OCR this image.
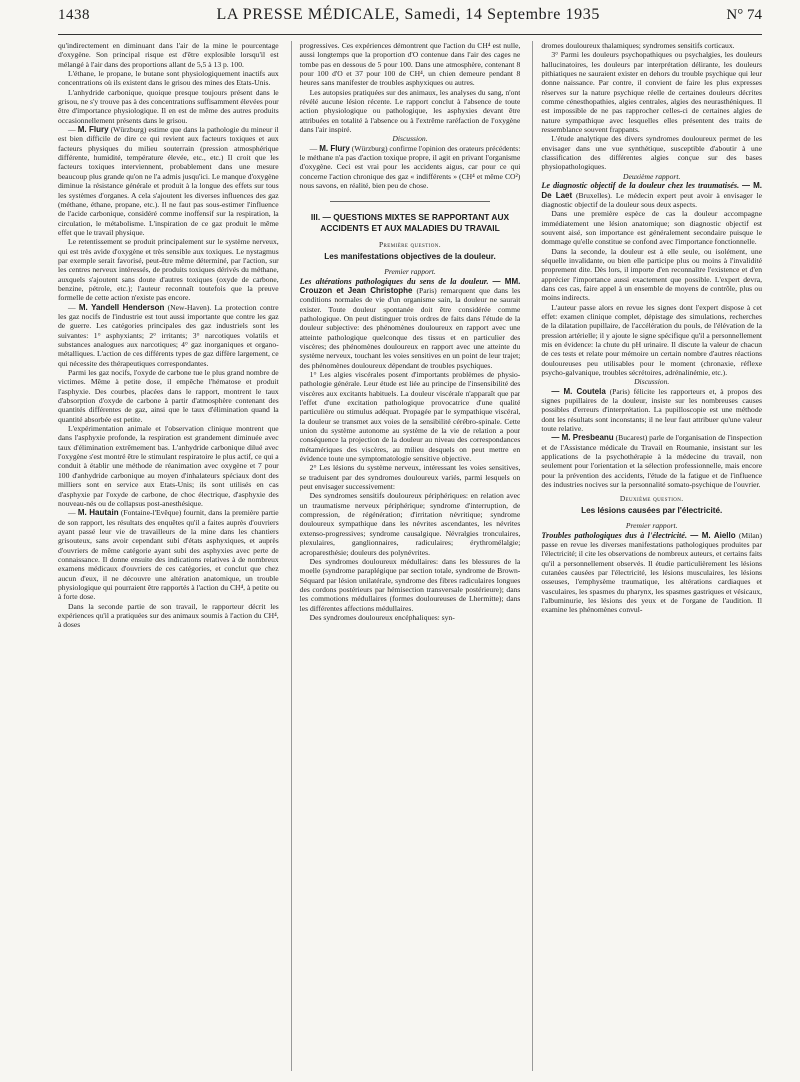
1438	LA PRESSE MÉDICALE, Samedi, 14 Septembre 1935	N° 74

qu'indirectement en diminuant dans l'air de la mine le pourcentage d'oxygène. Son principal risque est d'être explosible lorsqu'il est mélangé à l'air dans des proportions allant de 5,5 à 13 p. 100.

L'éthane, le propane, le butane sont physiologiquement inactifs aux concentrations où ils existent dans le grisou des mines des Etats-Unis.

L'anhydride carbonique, quoique presque toujours présent dans le grisou, ne s'y trouve pas à des concentrations suffisamment élevées pour être d'importance physiologique. Il en est de même des autres produits occasionnellement présents dans le grisou.

— M. Flury (Würzburg) estime que dans la pathologie du mineur il est bien difficile de dire ce qui revient aux facteurs toxiques et aux facteurs physiques du milieu souterrain (pression atmosphérique différente, humidité, température élevée, etc., etc.) Il croit que les facteurs toxiques interviennent, probablement dans une mesure beaucoup plus grande qu'on ne l'a admis jusqu'ici. Le manque d'oxygène diminue la résistance générale et produit à la longue des effets sur tous les systèmes d'organes. A cela s'ajoutent les diverses influences des gaz (méthane, éthane, propane, etc.). Il ne faut pas sous-estimer l'influence de l'acide carbonique, considéré comme inoffensif sur la respiration, la circulation, le métabolisme. L'inspiration de ce gaz produit le même effet que le travail physique.

Le retentissement se produit principalement sur le système nerveux, qui est très avide d'oxygène et très sensible aux toxiques. Le nystagmus par exemple serait favorisé, peut-être même déterminé, par l'action, sur les centres nerveux intéressés, de produits toxiques dérivés du méthane, auxquels s'ajoutent sans doute d'autres toxiques (oxyde de carbone, benzine, pétrole, etc.); l'auteur reconnaît toutefois que la preuve formelle de cette action n'existe pas encore.

— M. Yandell Henderson (New-Haven). La protection contre les gaz nocifs de l'industrie est tout aussi importante que contre les gaz de guerre. Les catégories principales des gaz industriels sont les suivantes: 1° asphyxiants; 2° irritants; 3° narcotiques volatils et substances analogues aux narcotiques; 4° gaz inorganiques et organo-métalliques. L'action de ces différents types de gaz diffère largement, ce qui nécessite des thérapeutiques correspondantes.

Parmi les gaz nocifs, l'oxyde de carbone tue le plus grand nombre de victimes. Même à petite dose, il empêche l'hématose et produit l'asphyxie. Des courbes, placées dans le rapport, montrent le taux d'absorption d'oxyde de carbone à partir d'atmosphère contenant des quantités différentes de gaz, ainsi que le taux d'élimination quand la quantité absorbée est petite.

L'expérimentation animale et l'observation clinique montrent que dans l'asphyxie profonde, la respiration est grandement diminuée avec taux d'élimination extrêmement bas. L'anhydride carbonique dilué avec l'oxygène s'est montré être le stimulant respiratoire le plus actif, ce qui a conduit à établir une méthode de réanimation avec oxygène et 7 pour 100 d'anhydride carbonique au moyen d'inhalateurs spéciaux dont des milliers sont en service aux Etats-Unis; ils sont utilisés en cas d'asphyxie par l'oxyde de carbone, de choc électrique, d'asphyxie des nouveau-nés ou de collapsus post-anesthésique.

— M. Hautain (Fontaine-l'Evêque) fournit, dans la première partie de son rapport, les résultats des enquêtes qu'il a faites auprès d'ouvriers ayant passé leur vie de travailleurs de la mine dans les chantiers grisouteux, sans avoir cependant subi d'états asphyxiques, et auprès d'ouvriers de même catégorie ayant subi des asphyxies avec perte de connaissance. Il donne ensuite des indications relatives à de nombreux examens médicaux d'ouvriers de ces catégories, et conclut que chez aucun d'eux, il ne découvre une altération anatomique, un trouble physiologique qui pourraient être rapportés à l'action du CH⁴, à petite ou à forte dose.

Dans la seconde partie de son travail, le rapporteur décrit les expériences qu'il a pratiquées sur des animaux soumis à l'action du CH⁴, à doses

progressives. Ces expériences démontrent que l'action du CH⁴ est nulle, aussi longtemps que la proportion d'O contenue dans l'air des cages ne tombe pas en dessous de 5 pour 100. Dans une atmosphère, contenant 8 pour 100 d'O et 37 pour 100 de CH⁴, un chien demeure pendant 8 heures sans manifester de troubles asphyxiques ou autres.

Les autopsies pratiquées sur des animaux, les analyses du sang, n'ont révélé aucune lésion récente. Le rapport conclut à l'absence de toute action physiologique ou pathologique, les asphyxies devant être attribuées en totalité à l'absence ou à l'extrême raréfaction de l'oxygène dans l'air inspiré.

Discussion.

— M. Flury (Würzburg) confirme l'opinion des orateurs précédents: le méthane n'a pas d'action toxique propre, il agit en privant l'organisme d'oxygène. Ceci est vrai pour les accidents aigus, car pour ce qui concerne l'action chronique des gaz « indifférents » (CH⁴ et même CO²) nous savons, en réalité, bien peu de chose.

III. — QUESTIONS MIXTES SE RAPPORTANT AUX ACCIDENTS ET AUX MALADIES DU TRAVAIL

Première question.

Les manifestations objectives de la douleur.

Premier rapport.

Les altérations pathologiques du sens de la douleur. — MM. Crouzon et Jean Christophe (Paris) remarquent que dans les conditions normales de vie d'un organisme sain, la douleur ne saurait exister. Toute douleur spontanée doit être considérée comme pathologique. On peut distinguer trois ordres de faits dans l'étude de la douleur subjective: des phénomènes douloureux en rapport avec une atteinte pathologique quelconque des tissus et en particulier des viscères; des phénomènes douloureux en rapport avec une atteinte du système nerveux, touchant les voies sensitives en un point de leur trajet; des phénomènes douloureux dépendant de troubles psychiques.

1° Les algies viscérales posent d'importants problèmes de physio-pathologie générale. Leur étude est liée au principe de l'insensibilité des viscères aux excitants habituels. La douleur viscérale n'apparaît que par l'effet d'une excitation pathologique provocatrice d'une qualité particulière ou stimulus adéquat. Propagée par le sympathique viscéral, la douleur se transmet aux voies de la sensibilité cérébro-spinale. Cette union du système autonome au système de la vie de relation a pour conséquence la projection de la douleur au niveau des correspondances métamériques des viscères, au milieu desquels on peut mettre en évidence toute une symptomatologie sensitive objective.

2° Les lésions du système nerveux, intéressant les voies sensitives, se traduisent par des syndromes douloureux variés, parmi lesquels on peut envisager successivement:

Des syndromes sensitifs douloureux périphériques: en relation avec un traumatisme nerveux périphérique; syndrome d'interruption, de compression, de régénération; d'irritation névritique; syndrome douloureux sympathique dans les névrites ascendantes, les névrites extenso-progressives; syndrome causalgique. Névralgies tronculaires, plexulaires, ganglionnaires, radiculaires; érythromélalgie; acroparesthésie; douleurs des polynévrites.

Des syndromes douloureux médullaires: dans les blessures de la moelle (syndrome paraplégique par section totale, syndrome de Brown-Séquard par lésion unilatérale, syndrome des fibres radiculaires longues des cordons postérieurs par hémisection transversale postérieure); dans les commotions médullaires (formes douloureuses de Lhermitte); dans les différentes affections médullaires.

Des syndromes douloureux encéphaliques: syn-

dromes douloureux thalamiques; syndromes sensitifs corticaux.

3° Parmi les douleurs psychopathiques ou psychalgies, les douleurs hallucinatoires, les douleurs par interprétation délirante, les douleurs pithiatiques ne sauraient exister en dehors du trouble psychique qui leur donne naissance. Par contre, il convient de faire les plus expresses réserves sur la nature psychique réelle de certaines douleurs décrites comme cénesthopathies, algies centrales, algies des neurasthéniques. Il est impossible de ne pas rapprocher celles-ci de certaines algies de nature sympathique avec lesquelles elles présentent des traits de ressemblance souvent frappants.

L'étude analytique des divers syndromes douloureux permet de les envisager dans une vue synthétique, susceptible d'aboutir à une classification des différentes algies conçue sur des bases physiopathologiques.

Deuxième rapport.

Le diagnostic objectif de la douleur chez les traumatisés. — M. De Laet (Bruxelles). Le médecin expert peut avoir à envisager le diagnostic objectif de la douleur sous deux aspects.

Dans une première espèce de cas la douleur accompagne immédiatement une lésion anatomique; son diagnostic objectif est souvent aisé, son importance est généralement secondaire puisque le dommage qu'elle constitue se confond avec l'importance fonctionnelle.

Dans la seconde, la douleur est à elle seule, ou isolément, une séquelle invalidante, ou bien elle participe plus ou moins à l'invalidité proprement dite. Dès lors, il importe d'en reconnaître l'existence et d'en apprécier l'importance aussi exactement que possible. L'expert devra, dans ces cas, faire appel à un ensemble de moyens de contrôle, plus ou moins indirects.

L'auteur passe alors en revue les signes dont l'expert dispose à cet effet: examen clinique complet, dépistage des simulations, recherches de la dilatation pupillaire, de l'accélération du pouls, de l'élévation de la pression artérielle; il y ajoute le signe spécifique qu'il a personnellement mis en évidence: la chute du pH urinaire. Il discute la valeur de chacun de ces tests et relate pour mémoire un certain nombre d'autres réactions douloureuses peu utilisables pour le moment (chronaxie, réflexe psycho-galvanique, troubles sécrétoires, adrénalinémie, etc.).

Discussion.

— M. Coutela (Paris) félicite les rapporteurs et, à propos des signes pupillaires de la douleur, insiste sur les nombreuses causes possibles d'erreurs d'interprétation. La pupilloscopie est une méthode dont les résultats sont inconstants; il ne leur faut attribuer qu'une valeur toute relative.

— M. Presbeanu (Bucarest) parle de l'organisation de l'inspection et de l'Assistance médicale du Travail en Roumanie, insistant sur les applications de la psychothérapie à la médecine du travail, non seulement pour l'orientation et la sélection professionnelle, mais encore pour la prévention des accidents, l'étude de la fatigue et de l'influence des industries nocives sur la personnalité somato-psychique de l'ouvrier.

Deuxième question.

Les lésions causées par l'électricité.

Premier rapport.

Troubles pathologiques dus à l'électricité. — M. Aiello (Milan) passe en revue les diverses manifestations pathologiques produites par l'électricité; il cite les observations de nombreux auteurs, et certains faits qu'il a personnellement observés. Il étudie particulièrement les lésions cutanées causées par l'électricité, les lésions musculaires, les lésions osseuses, l'emphysème traumatique, les altérations cardiaques et vasculaires, les spasmes du pharynx, les spasmes gastriques et vésicaux, l'albuminurie, les lésions des yeux et de l'organe de l'audition. Il examine les phénomènes convul-
